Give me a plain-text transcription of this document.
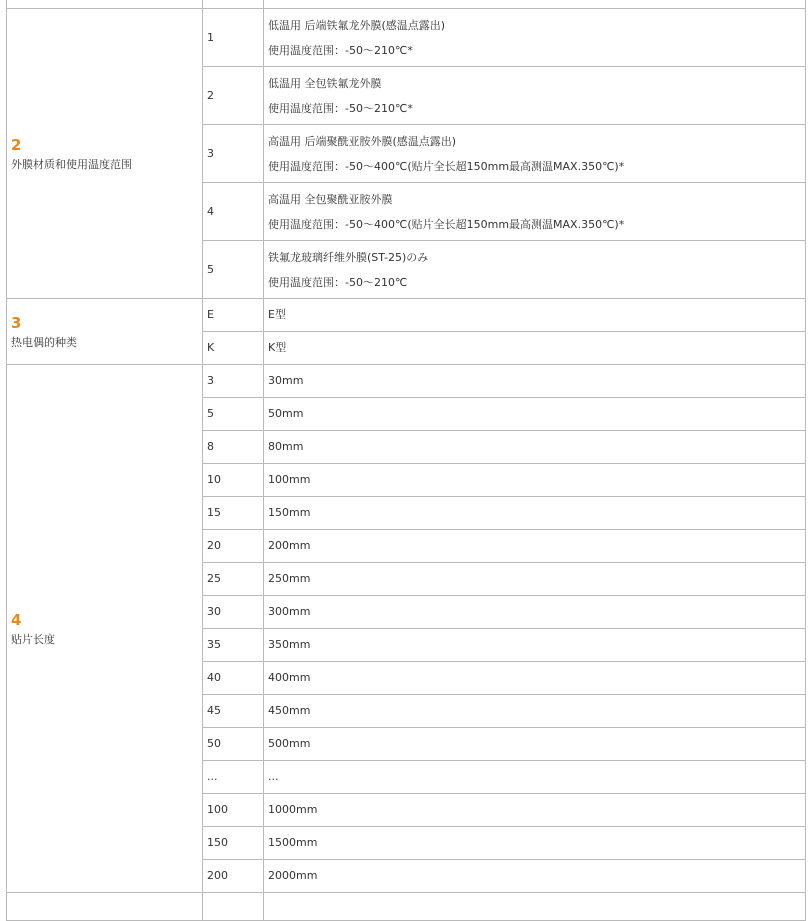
2
外膜材质和使用温度范围	1	低温用 后端铁氟龙外膜(感温点露出)
使用温度范围：-50～210℃*

	2	低温用 全包铁氟龙外膜
使用温度范围：-50～210℃*

	3	高温用 后端聚酰亚胺外膜(感温点露出)
使用温度范围：-50～400℃(贴片全长超150mm最高测温MAX.350℃)*

	4	高温用 全包聚酰亚胺外膜
使用温度范围：-50～400℃(贴片全长超150mm最高测温MAX.350℃)*

	5	铁氟龙玻璃纤维外膜(ST-25)のみ
使用温度范围：-50～210℃

3
热电偶的种类	E	E型
	K	K型

4
贴片长度	3	30mm
	5	50mm
	8	80mm
	10	100mm
	15	150mm
	20	200mm
	25	250mm
	30	300mm
	35	350mm
	40	400mm
	45	450mm
	50	500mm
	...	...
	100	1000mm
	150	1500mm
	200	2000mm
